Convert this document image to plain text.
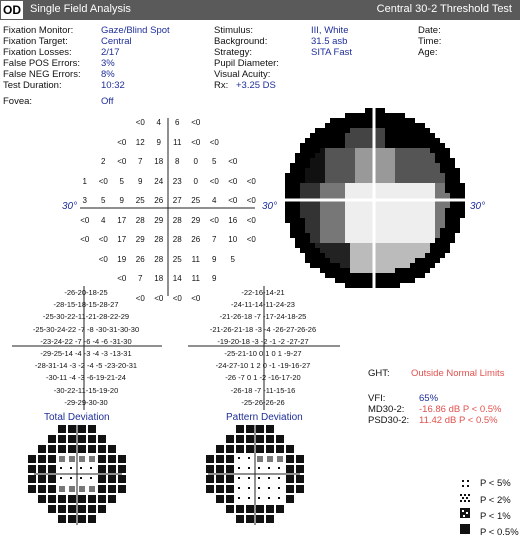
OD Single Field Analysis	Central 30-2 Threshold Test
Fixation Monitor:	Gaze/Blind Spot
Fixation Target:	Central
Fixation Losses:	2/17
False POS Errors: 3%
False NEG Errors: 8%
Test Duration:	10:32
Fovea:	Off
Stimulus:	III, White
Background:	31.5 asb
Strategy:	SITA Fast
Pupil Diameter:
Visual Acuity:
Rx: +3.25 DS
Date:
Time:
Age:
<0	4	6	<0
<0	12	9	11	<0	<0
2	<0	7	18	8	0	5	<0
1	<0	5	9	24	23	0	<0	<0	<0
3	5	9	25	26	27	25	4	<0	<0
<0	4	17	28	29	28	29	<0	16	<0
<0	<0	17	29	28	28	26	7	10	<0
<0	19	26	28	25	11	9	5
<0	7	18	14	11	9
<0	<0	<0	<0
30°	30°	30°
-26-20-18-25
-28-15-18-15-28-27
-25-30-22-11-21-28-22-29
-25-30-24-22 -7 -8 -30-31-30-30
-23-24-22 -7 -6 -4 -6 -31-30
-29-25-14 -4 -3 -4 -3 -13-31
-28-31-14 -3 -2 -4 -5 -23-20-31
-30-11 -4 -3 -6-19-21-24
-30-22-11-15-19-20
-29-29-30-30
-22-16-14-21
-24-11-14-11-24-23
-21-26-18 -7 -17-24-18-25
-21-26-21-18 -3 -4 -26-27-26-26
-19-20-18 -3 -2 -1 -2 -27-27
-25-21-10 0 1 0 1 -9-27
-24-27-10 1 2 0 -1 -19-16-27
-26 -7 0 1 -2 -16-17-20
-26-18 -7 -11-15-16
-25-26-26-26
Total Deviation	Pattern Deviation
GHT: Outside Normal Limits
VFI:	65%
MD30-2: -16.86 dB P < 0.5%
PSD30-2: 11.42 dB P < 0.5%
P < 5%
P < 2%
P < 1%
P < 0.5%
